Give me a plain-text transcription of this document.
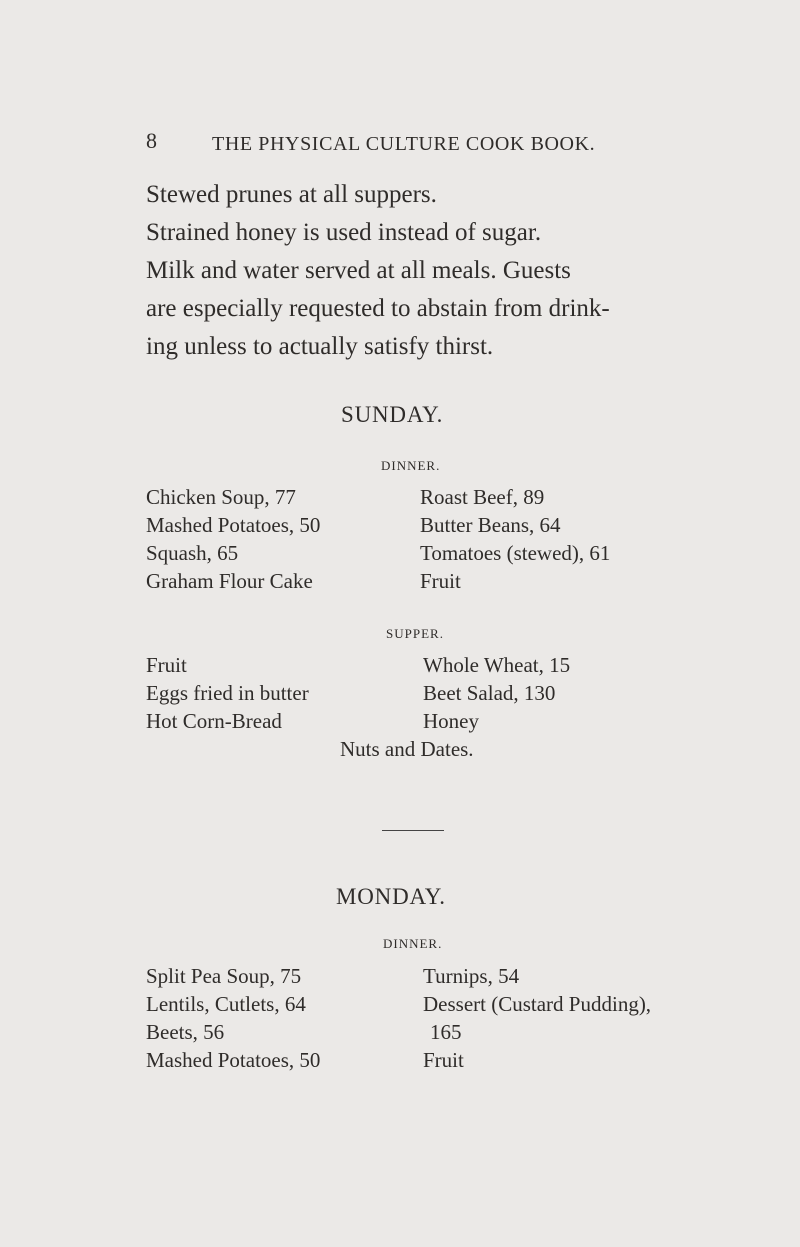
8	THE PHYSICAL CULTURE COOK BOOK.
Stewed prunes at all suppers.
Strained honey is used instead of sugar.
Milk and water served at all meals. Guests
are especially requested to abstain from drink-
ing unless to actually satisfy thirst.
SUNDAY.
DINNER.
Chicken Soup, 77
Mashed Potatoes, 50
Squash, 65
Graham Flour Cake
Roast Beef, 89
Butter Beans, 64
Tomatoes (stewed), 61
Fruit
SUPPER.
Fruit
Eggs fried in butter
Hot Corn-Bread
Whole Wheat, 15
Beet Salad, 130
Honey
Nuts and Dates.
MONDAY.
DINNER.
Split Pea Soup, 75
Lentils, Cutlets, 64
Beets, 56
Mashed Potatoes, 50
Turnips, 54
Dessert (Custard Pudding),
165
Fruit
